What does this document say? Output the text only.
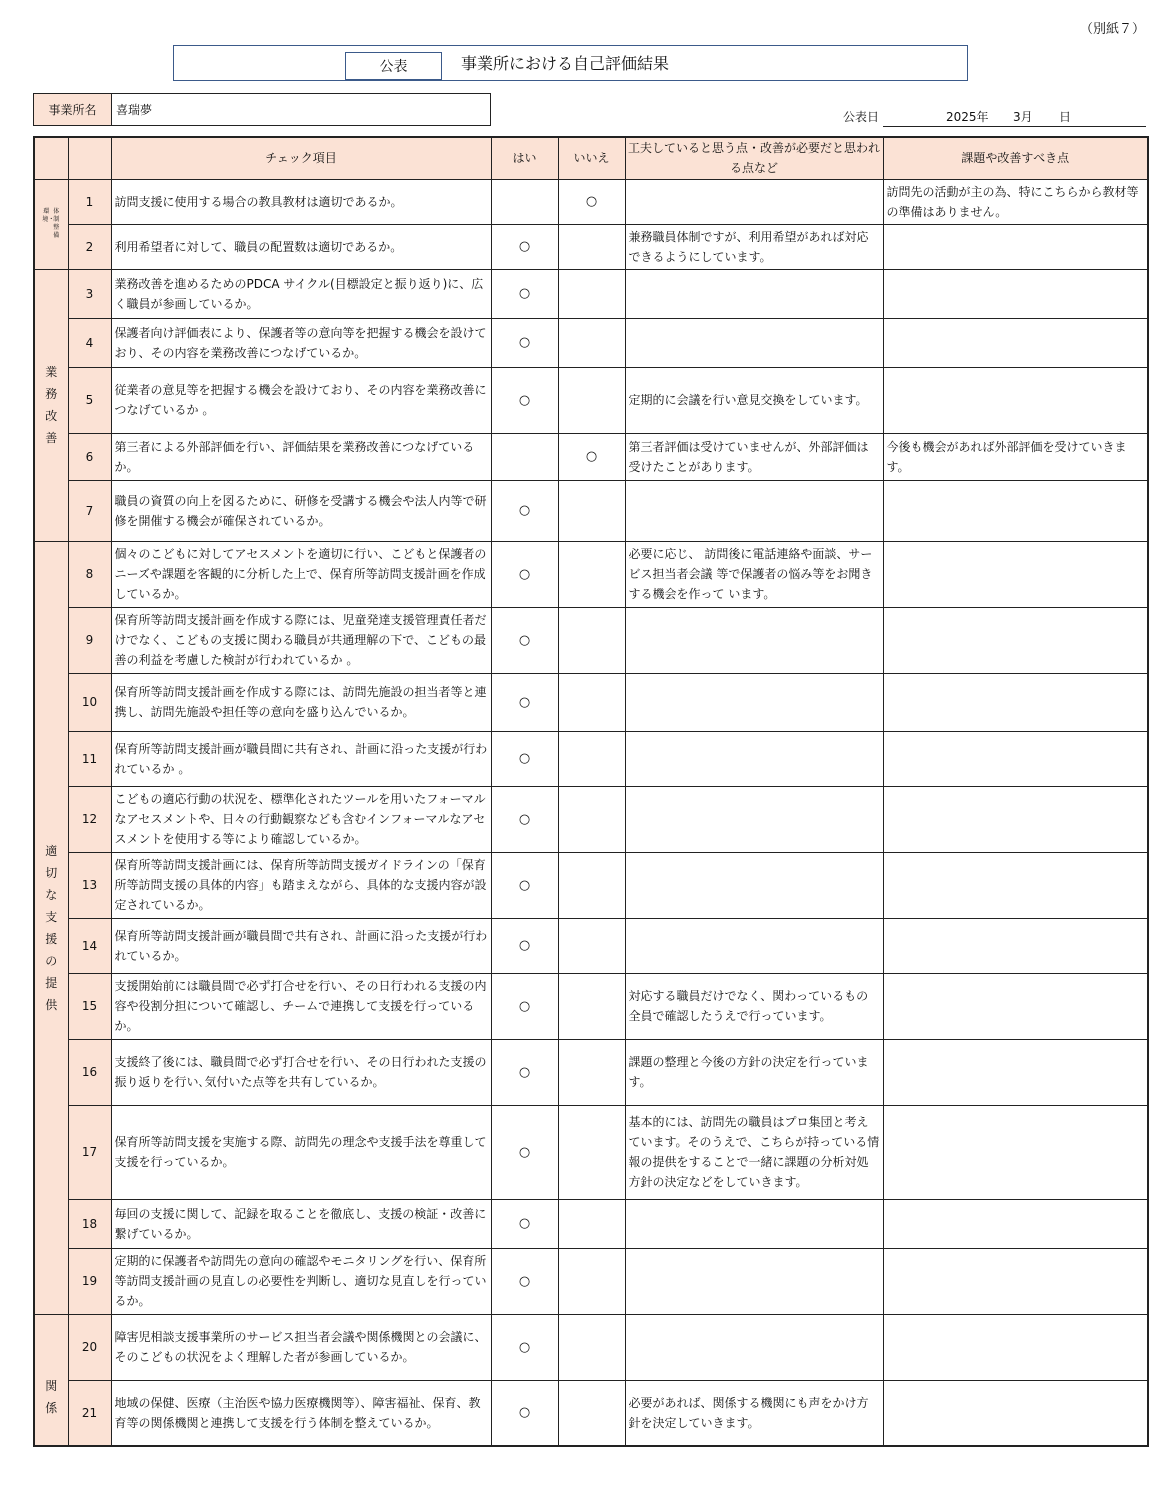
（別紙７）
公表	事業所における自己評価結果
事業所名	喜瑞夢	公表日	2025年 3月 日
		チェック項目	はい	いいえ	工夫していると思う点・改善が必要だと思われる点など	課題や改善すべき点

環境・
体制整備	1	訪問支援に使用する場合の教具教材は適切であるか。		○		訪問先の活動が主の為、特にこちらから教材等の準備はありません。
	2	利用希望者に対して、職員の配置数は適切であるか。	○		兼務職員体制ですが、利用希望があれば対応できるようにしています。	
業務改善	3	業務改善を進めるためのPDCA サイクル(目標設定と振り返り)に、広く職員が参画しているか。	○			
	4	保護者向け評価表により、保護者等の意向等を把握する機会を設けており、その内容を業務改善につなげているか。	○			
	5	従業者の意見等を把握する機会を設けており、その内容を業務改善につなげているか 。	○		定期的に会議を行い意見交換をしています。	
	6	第三者による外部評価を行い、評価結果を業務改善につなげているか。		○	第三者評価は受けていませんが、外部評価は受けたことがあります。	今後も機会があれば外部評価を受けていきます。
	7	職員の資質の向上を図るために、研修を受講する機会や法人内等で研修を開催する機会が確保されているか。	○			
適切な支援の提供	8	個々のこどもに対してアセスメントを適切に行い、こどもと保護者のニーズや課題を客観的に分析した上で、保育所等訪問支援計画を作成しているか。	○		必要に応じ、 訪問後に電話連絡や面談、サービス担当者会議 等で保護者の悩み等をお聞きする機会を作って います。	
	9	保育所等訪問支援計画を作成する際には、児童発達支援管理責任者だけでなく、こどもの支援に関わる職員が共通理解の下で、こどもの最善の利益を考慮した検討が行われているか 。	○			
	10	保育所等訪問支援計画を作成する際には、訪問先施設の担当者等と連携し、訪問先施設や担任等の意向を盛り込んでいるか。	○			
	11	保育所等訪問支援計画が職員間に共有され、計画に沿った支援が行われているか 。	○			
	12	こどもの適応行動の状況を、標準化されたツールを用いたフォーマルなアセスメントや、日々の行動観察なども含むインフォーマルなアセスメントを使用する等により確認しているか。	○			
	13	保育所等訪問支援計画には、保育所等訪問支援ガイドラインの「保育所等訪問支援の具体的内容」も踏まえながら、具体的な支援内容が設定されているか。	○			
	14	保育所等訪問支援計画が職員間で共有され、計画に沿った支援が行われているか。	○			
	15	支援開始前には職員間で必ず打合せを行い、その日行われる支援の内容や役割分担について確認し、チームで連携して支援を行っているか。	○		対応する職員だけでなく、関わっているもの全員で確認したうえで行っています。	
	16	支援終了後には、職員間で必ず打合せを行い、その日行われた支援の振り返りを行い､気付いた点等を共有しているか。	○		課題の整理と今後の方針の決定を行っています。	
	17	保育所等訪問支援を実施する際、訪問先の理念や支援手法を尊重して支援を行っているか。	○		基本的には、訪問先の職員はプロ集団と考えています。そのうえで、こちらが持っている情報の提供をすることで一緒に課題の分析対処方針の決定などをしていきます。	
	18	毎回の支援に関して、記録を取ることを徹底し、支援の検証・改善に繋げているか。	○			
	19	定期的に保護者や訪問先の意向の確認やモニタリングを行い、保育所等訪問支援計画の見直しの必要性を判断し、適切な見直しを行っているか。	○			
関係	20	障害児相談支援事業所のサービス担当者会議や関係機関との会議に、そのこどもの状況をよく理解した者が参画しているか。	○			
	21	地域の保健、医療（主治医や協力医療機関等）、障害福祉、保育、教育等の関係機関と連携して支援を行う体制を整えているか。	○		必要があれば、関係する機関にも声をかけ方針を決定していきます。	
